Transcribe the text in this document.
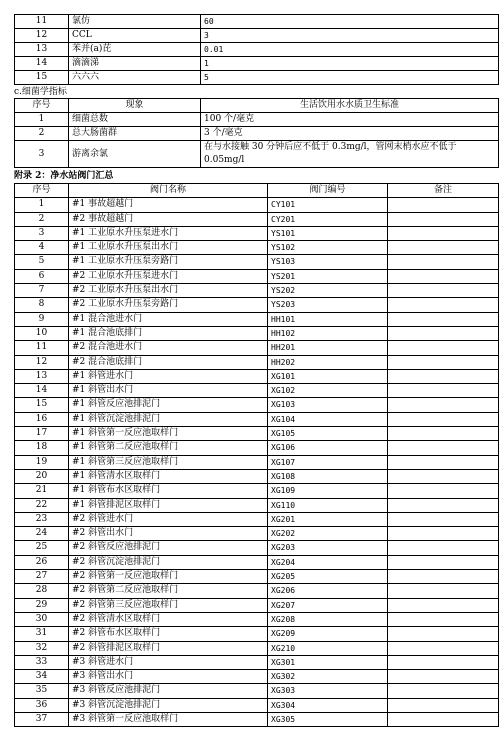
11	氯仿	60
12	CCL	3
13	苯并(a)芘	0.01
14	滴滴涕	1
15	六六六	5
c.细菌学指标
序号	现象	生活饮用水水质卫生标准
1	细菌总数	100 个/毫克
2	总大肠菌群	3 个/毫克
3	游离余氯	在与水接触 30 分钟后应不低于 0.3mg/l，管网末梢水应不低于 0.05mg/l
附录 2：净水站阀门汇总
序号	阀门名称	阀门编号	备注
1	#1 事故超越门	CY101	
2	#2 事故超越门	CY201	
3	#1 工业原水升压泵进水门	YS101	
4	#1 工业原水升压泵出水门	YS102	
5	#1 工业原水升压泵旁路门	YS103	
6	#2 工业原水升压泵进水门	YS201	
7	#2 工业原水升压泵出水门	YS202	
8	#2 工业原水升压泵旁路门	YS203	
9	#1 混合池进水门	HH101	
10	#1 混合池底排门	HH102	
11	#2 混合池进水门	HH201	
12	#2 混合池底排门	HH202	
13	#1 斜管进水门	XG101	
14	#1 斜管出水门	XG102	
15	#1 斜管反应池排泥门	XG103	
16	#1 斜管沉淀池排泥门	XG104	
17	#1 斜管第一反应池取样门	XG105	
18	#1 斜管第二反应池取样门	XG106	
19	#1 斜管第三反应池取样门	XG107	
20	#1 斜管清水区取样门	XG108	
21	#1 斜管布水区取样门	XG109	
22	#1 斜管排泥区取样门	XG110	
23	#2 斜管进水门	XG201	
24	#2 斜管出水门	XG202	
25	#2 斜管反应池排泥门	XG203	
26	#2 斜管沉淀池排泥门	XG204	
27	#2 斜管第一反应池取样门	XG205	
28	#2 斜管第二反应池取样门	XG206	
29	#2 斜管第三反应池取样门	XG207	
30	#2 斜管清水区取样门	XG208	
31	#2 斜管布水区取样门	XG209	
32	#2 斜管排泥区取样门	XG210	
33	#3 斜管进水门	XG301	
34	#3 斜管出水门	XG302	
35	#3 斜管反应池排泥门	XG303	
36	#3 斜管沉淀池排泥门	XG304	
37	#3 斜管第一反应池取样门	XG305	
